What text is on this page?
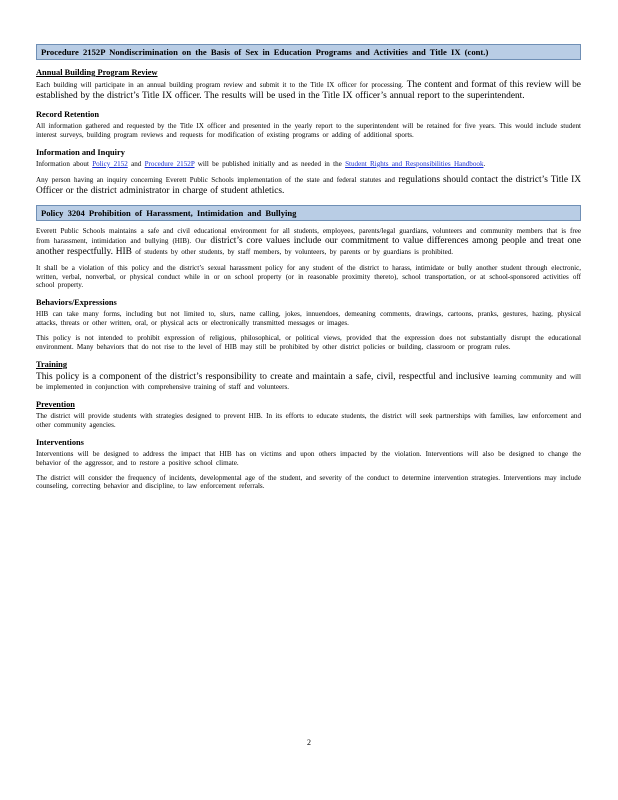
Procedure 2152P Nondiscrimination on the Basis of Sex in Education Programs and Activities and Title IX (cont.)
Annual Building Program Review

Each building will participate in an annual building program review and submit it to the Title IX officer for processing. The content and format of this review will be established by the district’s Title IX officer. The results will be used in the Title IX officer’s annual report to the superintendent.

Record Retention

All information gathered and requested by the Title IX officer and presented in the yearly report to the superintendent will be retained for five years. This would include student interest surveys, building program reviews and requests for modification of existing programs or adding of additional sports.

Information and Inquiry

Information about Policy 2152 and Procedure 2152P will be published initially and as needed in the Student Rights and Responsibilities Handbook.

Any person having an inquiry concerning Everett Public Schools implementation of the state and federal statutes and regulations should contact the district’s Title IX Officer or the district administrator in charge of student athletics.

Policy 3204 Prohibition of Harassment, Intimidation and Bullying

Everett Public Schools maintains a safe and civil educational environment for all students, employees, parents/legal guardians, volunteers and community members that is free from harassment, intimidation and bullying (HIB). Our district’s core values include our commitment to value differences among people and treat one another respectfully. HIB of students by other students, by staff members, by volunteers, by parents or by guardians is prohibited.

It shall be a violation of this policy and the district’s sexual harassment policy for any student of the district to harass, intimidate or bully another student through electronic, written, verbal, nonverbal, or physical conduct while in or on school property (or in reasonable proximity thereto), school transportation, or at school-sponsored activities off school property.

Behaviors/Expressions

HIB can take many forms, including but not limited to, slurs, name calling, jokes, innuendoes, demeaning comments, drawings, cartoons, pranks, gestures, hazing, physical attacks, threats or other written, oral, or physical acts or electronically transmitted messages or images.

This policy is not intended to prohibit expression of religious, philosophical, or political views, provided that the expression does not substantially disrupt the educational environment. Many behaviors that do not rise to the level of HIB may still be prohibited by other district policies or building, classroom or program rules.

Training

This policy is a component of the district’s responsibility to create and maintain a safe, civil, respectful and inclusive learning community and will be implemented in conjunction with comprehensive training of staff and volunteers.

Prevention

The district will provide students with strategies designed to prevent HIB. In its efforts to educate students, the district will seek partnerships with families, law enforcement and other community agencies.

Interventions

Interventions will be designed to address the impact that HIB has on victims and upon others impacted by the violation. Interventions will also be designed to change the behavior of the aggressor, and to restore a positive school climate.

The district will consider the frequency of incidents, developmental age of the student, and severity of the conduct to determine intervention strategies. Interventions may include counseling, correcting behavior and discipline, to law enforcement referrals.

2
